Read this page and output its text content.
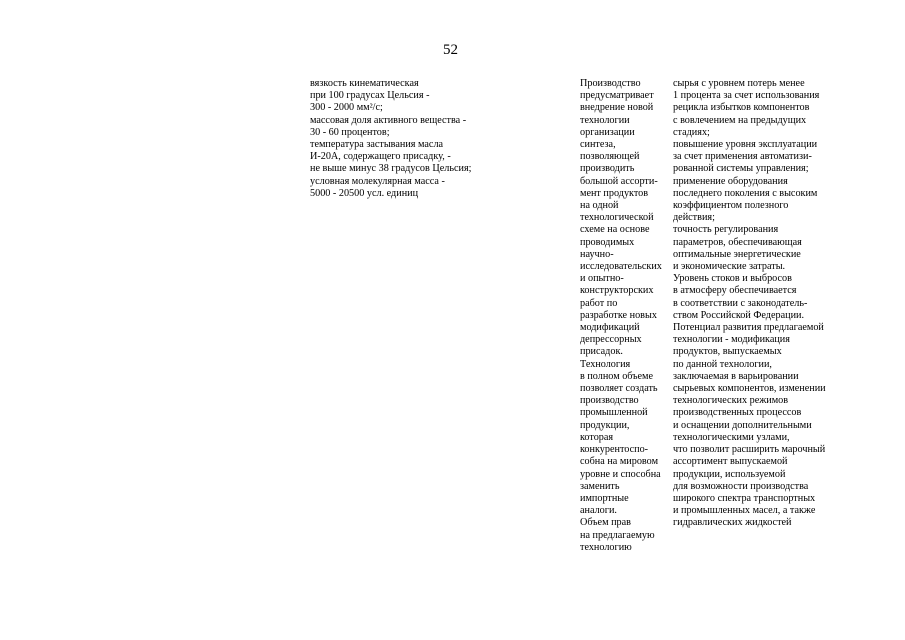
52
вязкость кинематическая
при 100 градусах Цельсия -
300 - 2000 мм²/с;
массовая доля активного вещества -
30 - 60 процентов;
температура застывания масла
И-20А, содержащего присадку, -
не выше минус 38 градусов Цельсия;
условная молекулярная масса -
5000 - 20500 усл. единиц
Производство
предусматривает
внедрение новой
технологии
организации
синтеза,
позволяющей
производить
большой ассорти-
мент продуктов
на одной
технологической
схеме на основе
проводимых
научно-
исследовательских
и опытно-
конструкторских
работ по
разработке новых
модификаций
депрессорных
присадок.
Технология
в полном объеме
позволяет создать
производство
промышленной
продукции,
которая
конкурентоспо-
собна на мировом
уровне и способна
заменить
импортные
аналоги.
Объем прав
на предлагаемую
технологию
сырья с уровнем потерь менее
1 процента за счет использования
рецикла избытков компонентов
с вовлечением на предыдущих
стадиях;
повышение уровня эксплуатации
за счет применения автоматизи-
рованной системы управления;
применение оборудования
последнего поколения с высоким
коэффициентом полезного
действия;
точность регулирования
параметров, обеспечивающая
оптимальные энергетические
и экономические затраты.
Уровень стоков и выбросов
в атмосферу обеспечивается
в соответствии с законодатель-
ством Российской Федерации.
Потенциал развития предлагаемой
технологии - модификация
продуктов, выпускаемых
по данной технологии,
заключаемая в варьировании
сырьевых компонентов, изменении
технологических режимов
производственных процессов
и оснащении дополнительными
технологическими узлами,
что позволит расширить марочный
ассортимент выпускаемой
продукции, используемой
для возможности производства
широкого спектра транспортных
и промышленных масел, а также
гидравлических жидкостей
